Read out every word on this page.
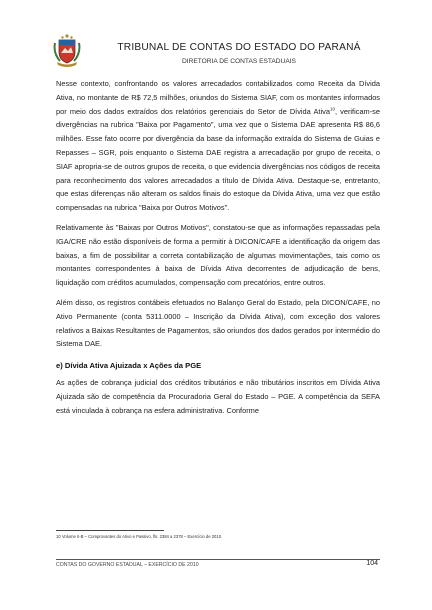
TRIBUNAL DE CONTAS DO ESTADO DO PARANÁ
DIRETORIA DE CONTAS ESTADUAIS

Nesse contexto, confrontando os valores arrecadados contabilizados como Receita da Dívida Ativa, no montante de R$ 72,5 milhões, oriundos do Sistema SIAF, com os montantes informados por meio dos dados extraídos dos relatórios gerenciais do Setor de Dívida Ativa$^{10}$, verificam-se divergências na rubrica "Baixa por Pagamento", uma vez que o Sistema DAE apresenta R$ 86,6 milhões. Esse fato ocorre por divergência da base da informação extraída do Sistema de Guias e Repasses – SGR, pois enquanto o Sistema DAE registra a arrecadação por grupo de receita, o SIAF apropria-se de outros grupos de receita, o que evidencia divergências nos códigos de receita para reconhecimento dos valores arrecadados a título de Dívida Ativa. Destaque-se, entretanto, que estas diferenças não alteram os saldos finais do estoque da Dívida Ativa, uma vez que estão compensadas na rubrica "Baixa por Outros Motivos".

Relativamente às "Baixas por Outros Motivos", constatou-se que as informações repassadas pela IGA/CRE não estão disponíveis de forma a permitir à DICON/CAFE a identificação da origem das baixas, a fim de possibilitar a correta contabilização de algumas movimentações, tais como os montantes correspondentes à baixa de Dívida Ativa decorrentes de adjudicação de bens, liquidação com créditos acumulados, compensação com precatórios, entre outros.

Além disso, os registros contábeis efetuados no Balanço Geral do Estado, pela DICON/CAFE, no Ativo Permanente (conta 5311.0000 – Inscrição da Dívida Ativa), com exceção dos valores relativos a Baixas Resultantes de Pagamentos, são oriundos dos dados gerados por intermédio do Sistema DAE.

e) Dívida Ativa Ajuizada x Ações da PGE

As ações de cobrança judicial dos créditos tributários e não tributários inscritos em Dívida Ativa Ajuizada são de competência da Procuradoria Geral do Estado – PGE. A competência da SEFA está vinculada à cobrança na esfera administrativa. Conforme

10 Volume II-B – Comprovantes do Ativo e Passivo, fls. 2384 a 2378 – Exercício de 2010.
CONTAS DO GOVERNO ESTADUAL – EXERCÍCIO DE 2010	104
